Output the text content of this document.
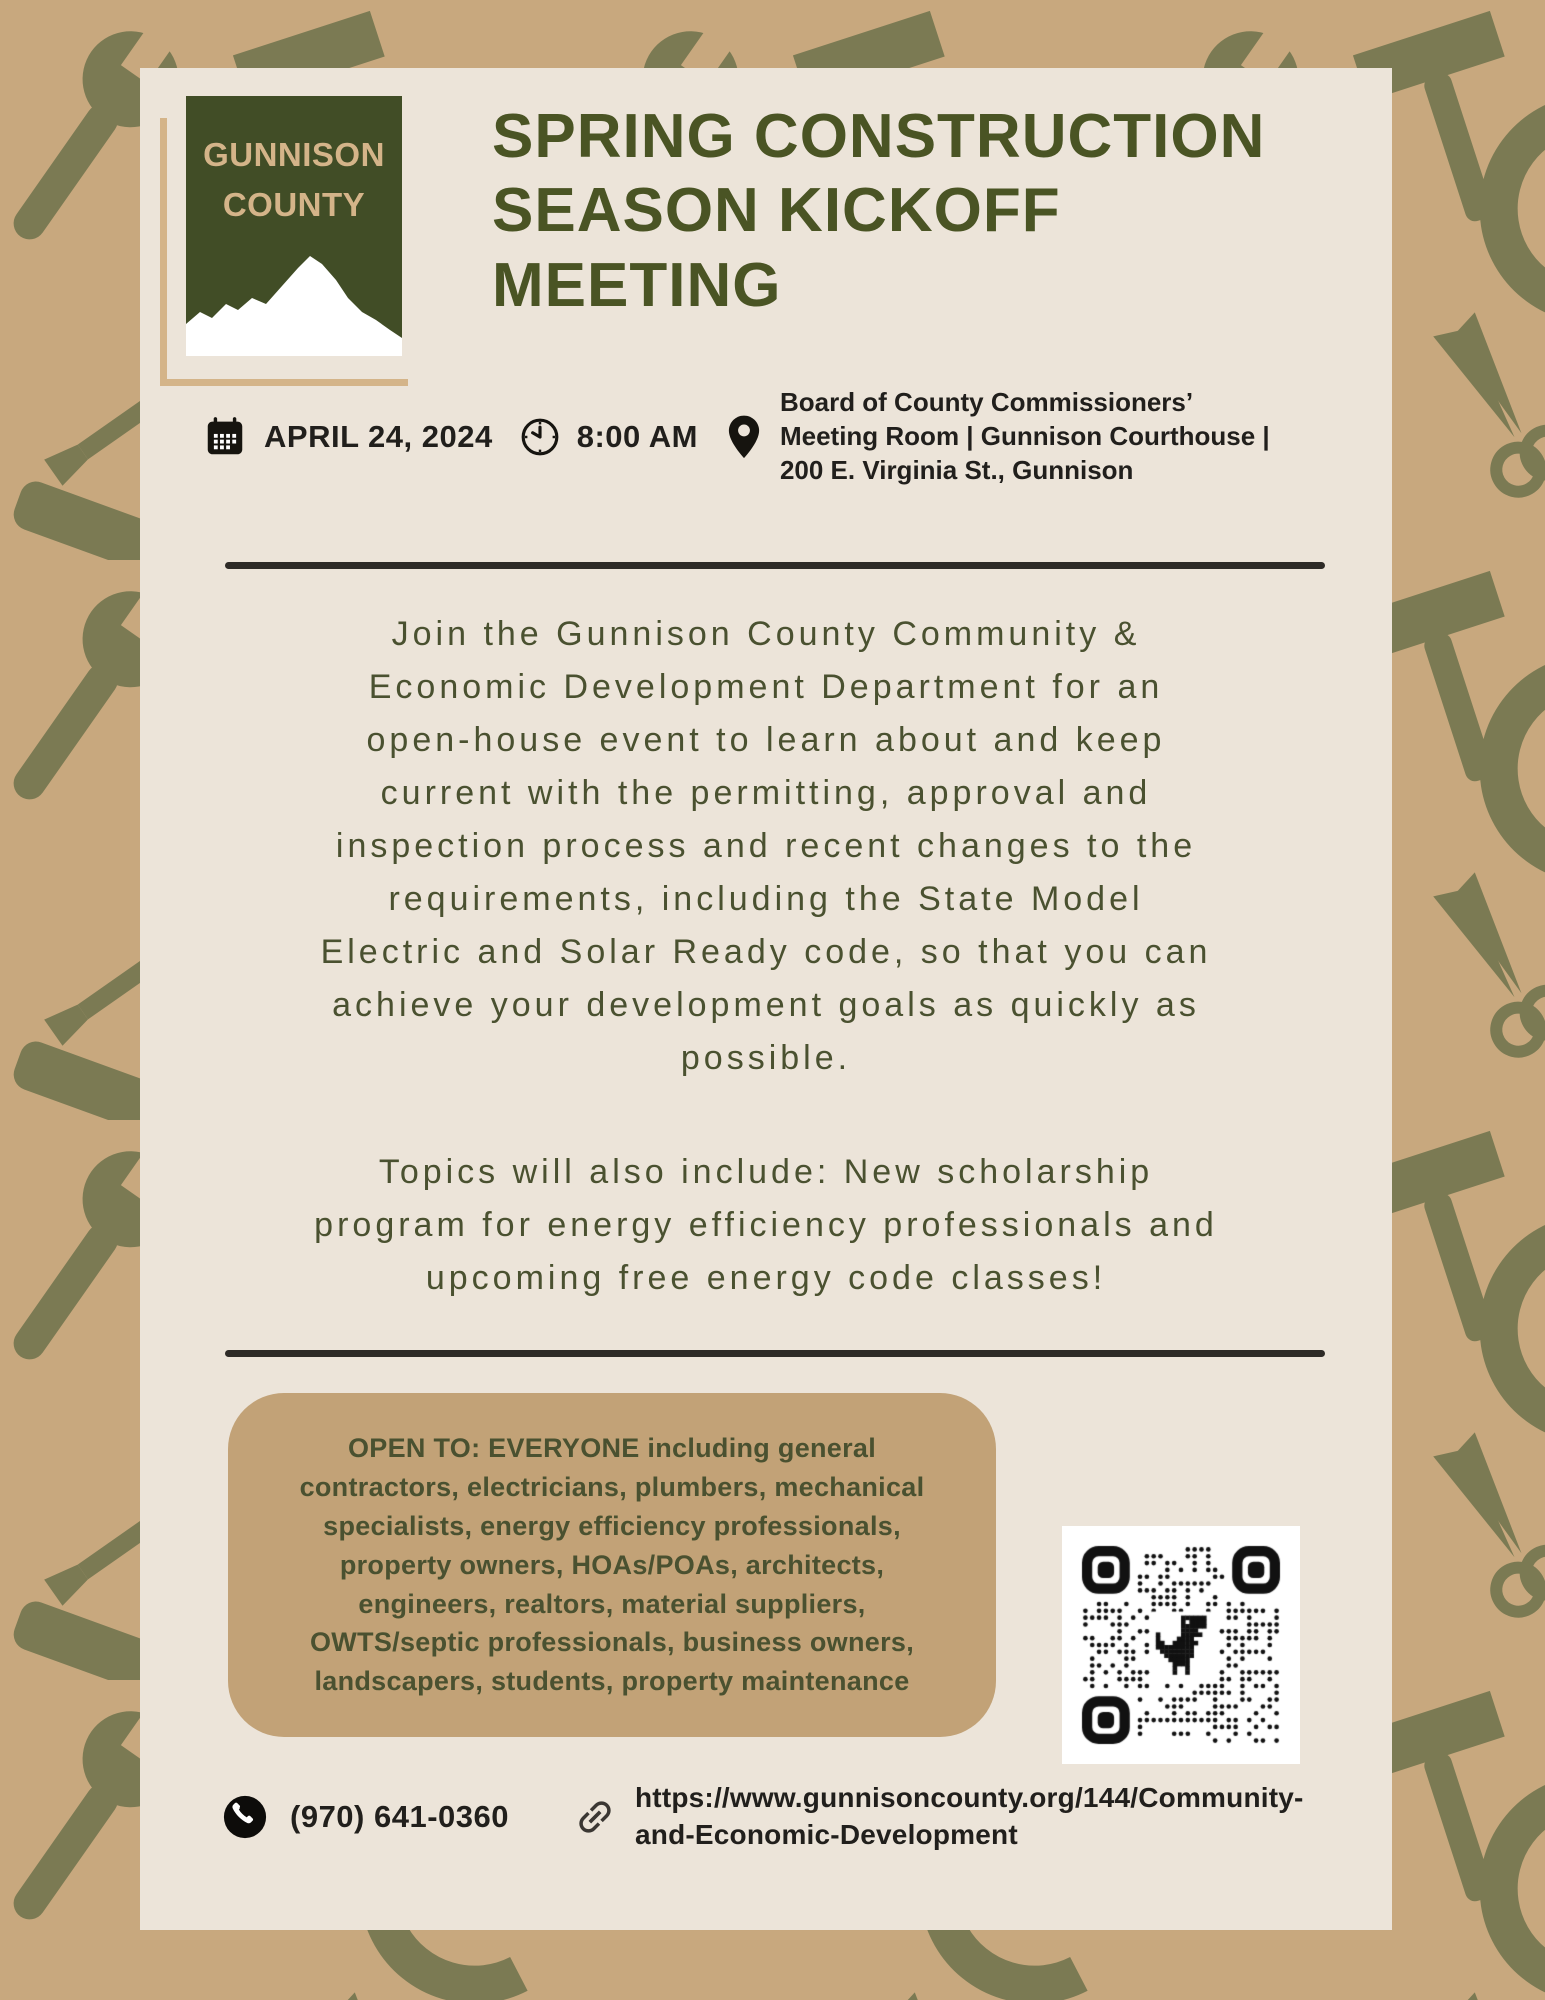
GUNNISON
COUNTY
SPRING CONSTRUCTION
SEASON KICKOFF
MEETING
APRIL 24, 2024	8:00 AM
Board of County Commissioners’ Meeting Room | Gunnison Courthouse | 200 E. Virginia St., Gunnison
Join the Gunnison County Community & Economic Development Department for an open-house event to learn about and keep current with the permitting, approval and inspection process and recent changes to the requirements, including the State Model Electric and Solar Ready code, so that you can achieve your development goals as quickly as possible.
Topics will also include: New scholarship program for energy efficiency professionals and upcoming free energy code classes!
OPEN TO: EVERYONE including general contractors, electricians, plumbers, mechanical specialists, energy efficiency professionals, property owners, HOAs/POAs, architects, engineers, realtors, material suppliers, OWTS/septic professionals, business owners, landscapers, students, property maintenance
(970) 641-0360
https://www.gunnisoncounty.org/144/Community-
and-Economic-Development
